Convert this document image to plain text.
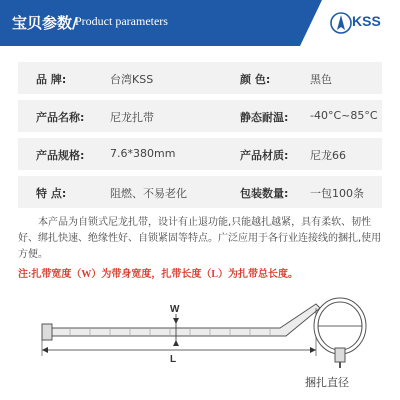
宝贝参数/
Product parameters	KSS
品 牌:	台湾KSS	颜 色:	黑色
产品名称: 尼龙扎带	静态耐温: -40°C~85°C
产品规格: 7.6*380mm	产品材质: 尼龙66
特 点:	阻燃、不易老化	包装数量: 一包100条
本产品为自锁式尼龙扎带，设计有止退功能,只能越扎越紧，具有柔软、韧性好、绑扎快速、绝缘性好、自锁紧固等特点。广泛应用于各行业连接线的捆扎,使用方便。
注:扎带宽度（W）为带身宽度，扎带长度（L）为扎带总长度。
W
L
捆扎直径
